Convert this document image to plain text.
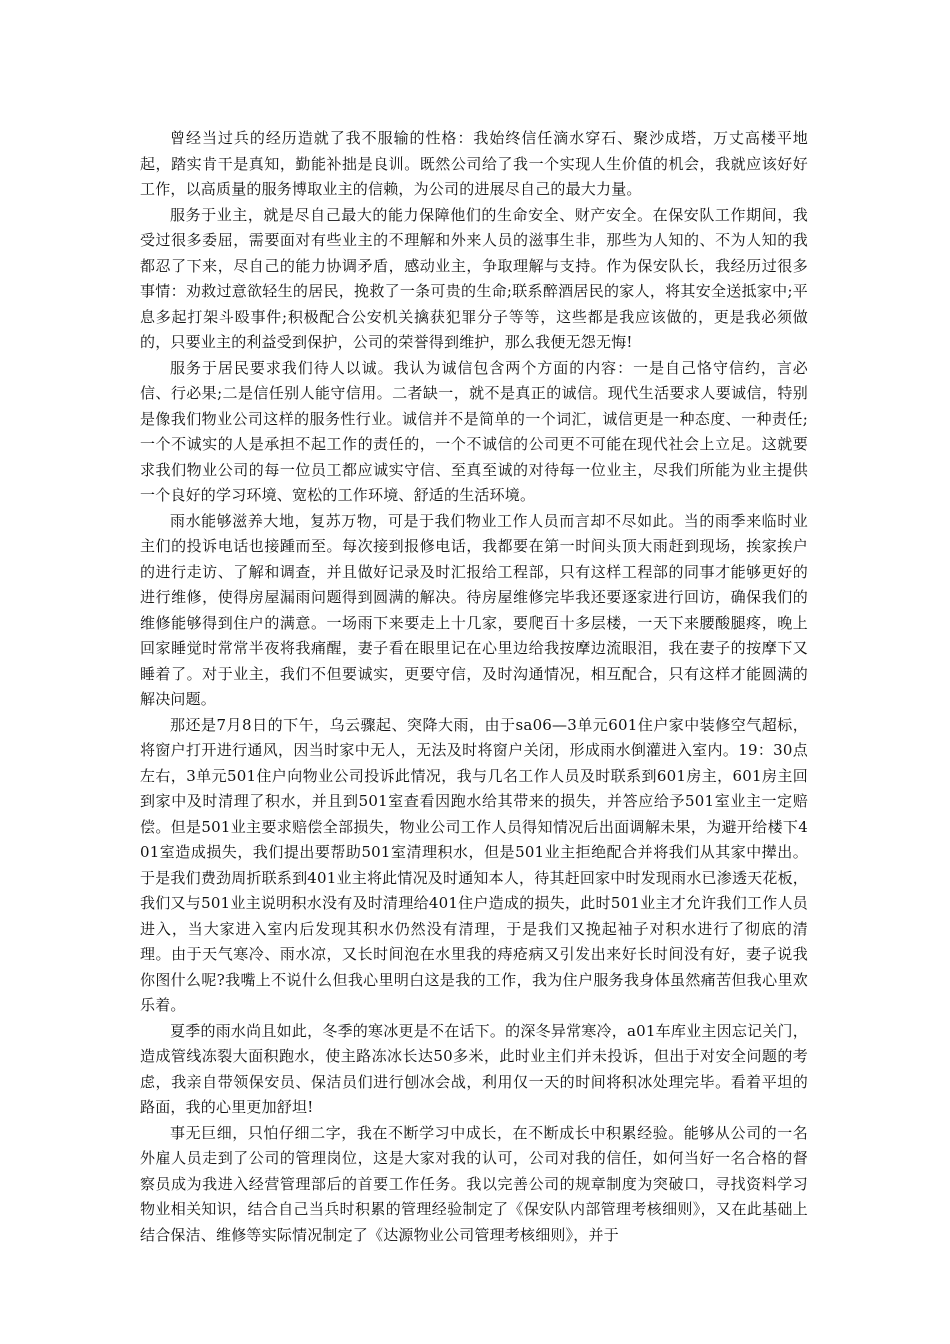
曾经当过兵的经历造就了我不服输的性格：我始终信任滴水穿石、聚沙成塔，万丈高楼平地起，踏实肯干是真知，勤能补拙是良训。既然公司给了我一个实现人生价值的机会，我就应该好好工作，以高质量的服务博取业主的信赖，为公司的进展尽自己的最大力量。

服务于业主，就是尽自己最大的能力保障他们的生命安全、财产安全。在保安队工作期间，我受过很多委屈，需要面对有些业主的不理解和外来人员的滋事生非，那些为人知的、不为人知的我都忍了下来，尽自己的能力协调矛盾，感动业主，争取理解与支持。作为保安队长，我经历过很多事情：劝救过意欲轻生的居民，挽救了一条可贵的生命;联系醉酒居民的家人，将其安全送抵家中;平息多起打架斗殴事件;积极配合公安机关擒获犯罪分子等等，这些都是我应该做的，更是我必须做的，只要业主的利益受到保护，公司的荣誉得到维护，那么我便无怨无悔!

服务于居民要求我们待人以诚。我认为诚信包含两个方面的内容：一是自己恪守信约，言必信、行必果;二是信任别人能守信用。二者缺一，就不是真正的诚信。现代生活要求人要诚信，特别是像我们物业公司这样的服务性行业。诚信并不是简单的一个词汇，诚信更是一种态度、一种责任;一个不诚实的人是承担不起工作的责任的，一个不诚信的公司更不可能在现代社会上立足。这就要求我们物业公司的每一位员工都应诚实守信、至真至诚的对待每一位业主，尽我们所能为业主提供一个良好的学习环境、宽松的工作环境、舒适的生活环境。

雨水能够滋养大地，复苏万物，可是于我们物业工作人员而言却不尽如此。当的雨季来临时业主们的投诉电话也接踵而至。每次接到报修电话，我都要在第一时间头顶大雨赶到现场，挨家挨户的进行走访、了解和调查，并且做好记录及时汇报给工程部，只有这样工程部的同事才能够更好的进行维修，使得房屋漏雨问题得到圆满的解决。待房屋维修完毕我还要逐家进行回访，确保我们的维修能够得到住户的满意。一场雨下来要走上十几家，要爬百十多层楼，一天下来腰酸腿疼，晚上回家睡觉时常常半夜将我痛醒，妻子看在眼里记在心里边给我按摩边流眼泪，我在妻子的按摩下又睡着了。对于业主，我们不但要诚实，更要守信，及时沟通情况，相互配合，只有这样才能圆满的解决问题。

那还是7月8日的下午，乌云骤起、突降大雨，由于sa06—3单元601住户家中装修空气超标，将窗户打开进行通风，因当时家中无人，无法及时将窗户关闭，形成雨水倒灌进入室内。19：30点左右，3单元501住户向物业公司投诉此情况，我与几名工作人员及时联系到601房主，601房主回到家中及时清理了积水，并且到501室查看因跑水给其带来的损失，并答应给予501室业主一定赔偿。但是501业主要求赔偿全部损失，物业公司工作人员得知情况后出面调解未果，为避开给楼下401室造成损失，我们提出要帮助501室清理积水，但是501业主拒绝配合并将我们从其家中撵出。于是我们费劲周折联系到401业主将此情况及时通知本人，待其赶回家中时发现雨水已渗透天花板，我们又与501业主说明积水没有及时清理给401住户造成的损失，此时501业主才允许我们工作人员进入，当大家进入室内后发现其积水仍然没有清理，于是我们又挽起袖子对积水进行了彻底的清理。由于天气寒冷、雨水凉，又长时间泡在水里我的痔疮病又引发出来好长时间没有好，妻子说我你图什么呢?我嘴上不说什么但我心里明白这是我的工作，我为住户服务我身体虽然痛苦但我心里欢乐着。

夏季的雨水尚且如此，冬季的寒冰更是不在话下。的深冬异常寒冷，a01车库业主因忘记关门，造成管线冻裂大面积跑水，使主路冻冰长达50多米，此时业主们并未投诉，但出于对安全问题的考虑，我亲自带领保安员、保洁员们进行刨冰会战，利用仅一天的时间将积冰处理完毕。看着平坦的路面，我的心里更加舒坦!

事无巨细，只怕仔细二字，我在不断学习中成长，在不断成长中积累经验。能够从公司的一名外雇人员走到了公司的管理岗位，这是大家对我的认可，公司对我的信任，如何当好一名合格的督察员成为我进入经营管理部后的首要工作任务。我以完善公司的规章制度为突破口，寻找资料学习物业相关知识，结合自己当兵时积累的管理经验制定了《保安队内部管理考核细则》，又在此基础上结合保洁、维修等实际情况制定了《达源物业公司管理考核细则》，并于
